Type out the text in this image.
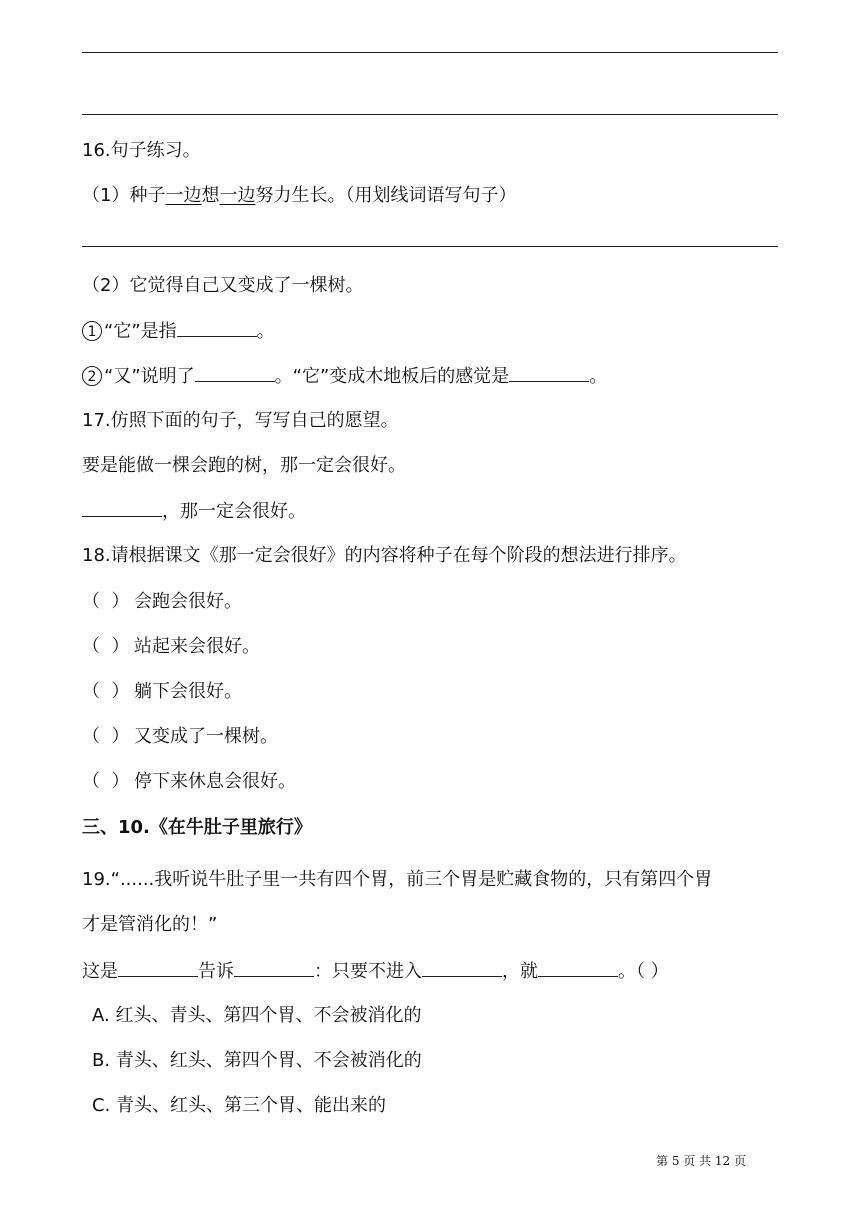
16.句子练习。
（1）种子一边想一边努力生长。（用划线词语写句子）
（2）它觉得自己又变成了一棵树。
1 “它”是指	。
2 “又”说明了	。“它”变成木地板后的感觉是	。
17.仿照下面的句子，写写自己的愿望。
要是能做一棵会跑的树，那一定会很好。
，那一定会很好。
18.请根据课文《那一定会很好》的内容将种子在每个阶段的想法进行排序。
（ ） 会跑会很好。
（ ） 站起来会很好。
（ ） 躺下会很好。
（ ） 又变成了一棵树。
（ ） 停下来休息会很好。
三、10.《在牛肚子里旅行》
19.“......我听说牛肚子里一共有四个胃，前三个胃是贮藏食物的，只有第四个胃
才是管消化的！”
这是	告诉	：只要不进入	，就	。（ ）
A. 红头、青头、第四个胃、不会被消化的
B. 青头、红头、第四个胃、不会被消化的
C. 青头、红头、第三个胃、能出来的
第 5 页 共 12 页
